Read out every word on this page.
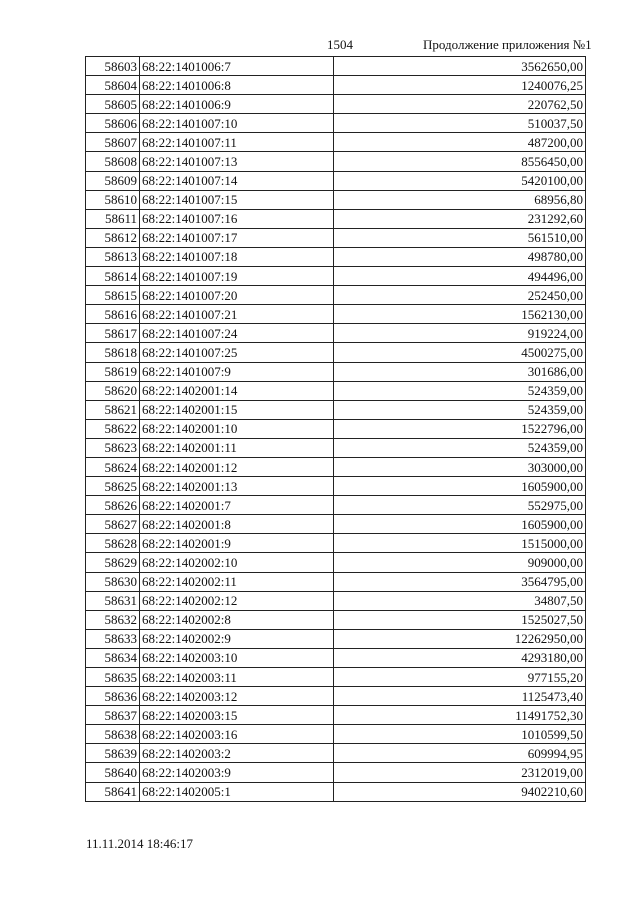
1504	Продолжение приложения №1
58603	68:22:1401006:7	3562650,00
58604	68:22:1401006:8	1240076,25
58605	68:22:1401006:9	220762,50
58606	68:22:1401007:10	510037,50
58607	68:22:1401007:11	487200,00
58608	68:22:1401007:13	8556450,00
58609	68:22:1401007:14	5420100,00
58610	68:22:1401007:15	68956,80
58611	68:22:1401007:16	231292,60
58612	68:22:1401007:17	561510,00
58613	68:22:1401007:18	498780,00
58614	68:22:1401007:19	494496,00
58615	68:22:1401007:20	252450,00
58616	68:22:1401007:21	1562130,00
58617	68:22:1401007:24	919224,00
58618	68:22:1401007:25	4500275,00
58619	68:22:1401007:9	301686,00
58620	68:22:1402001:14	524359,00
58621	68:22:1402001:15	524359,00
58622	68:22:1402001:10	1522796,00
58623	68:22:1402001:11	524359,00
58624	68:22:1402001:12	303000,00
58625	68:22:1402001:13	1605900,00
58626	68:22:1402001:7	552975,00
58627	68:22:1402001:8	1605900,00
58628	68:22:1402001:9	1515000,00
58629	68:22:1402002:10	909000,00
58630	68:22:1402002:11	3564795,00
58631	68:22:1402002:12	34807,50
58632	68:22:1402002:8	1525027,50
58633	68:22:1402002:9	12262950,00
58634	68:22:1402003:10	4293180,00
58635	68:22:1402003:11	977155,20
58636	68:22:1402003:12	1125473,40
58637	68:22:1402003:15	11491752,30
58638	68:22:1402003:16	1010599,50
58639	68:22:1402003:2	609994,95
58640	68:22:1402003:9	2312019,00
58641	68:22:1402005:1	9402210,60
11.11.2014 18:46:17
